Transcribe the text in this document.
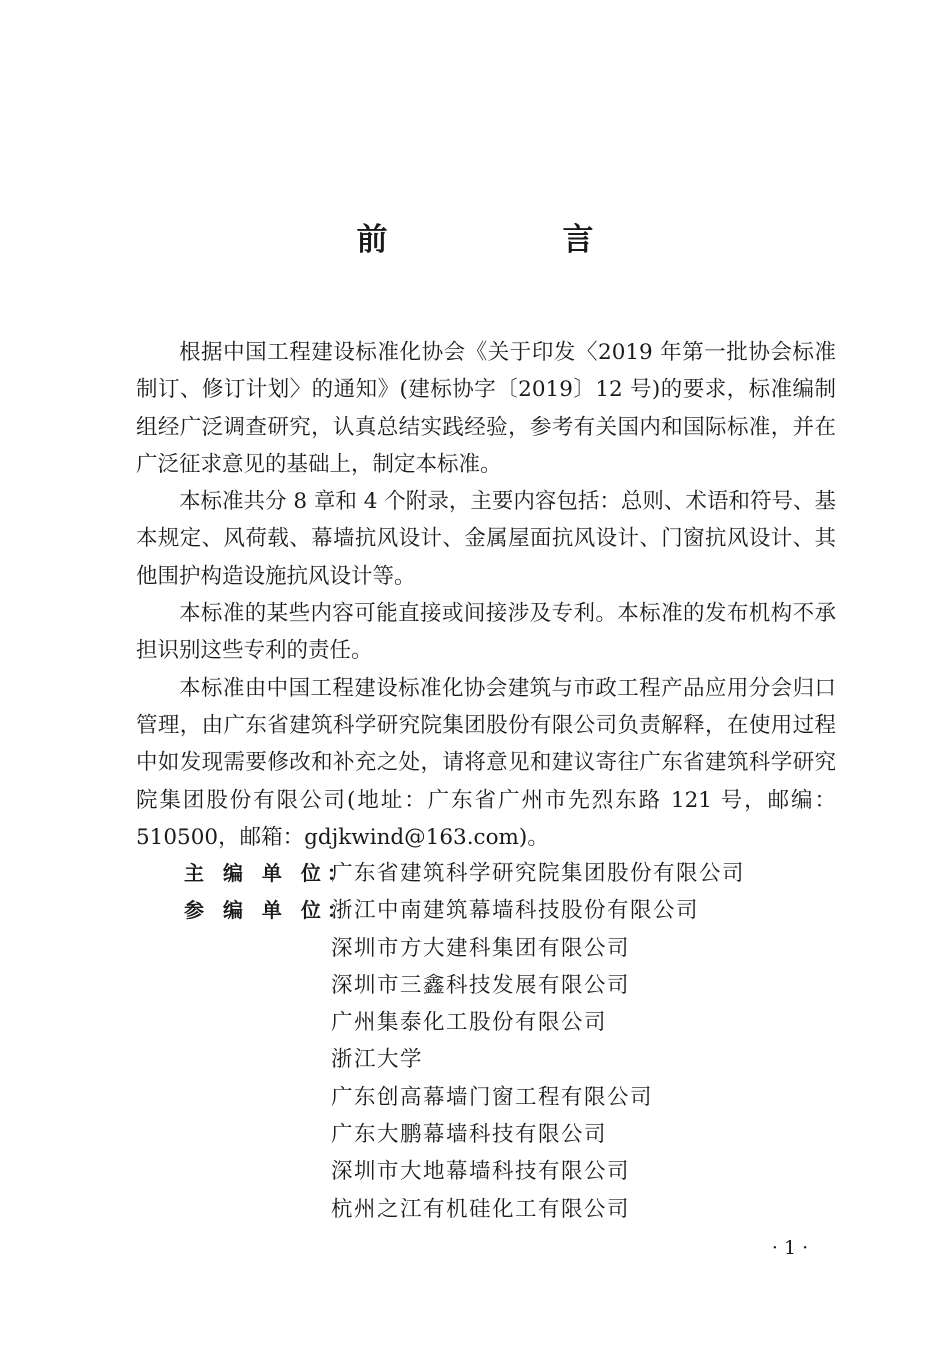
前　言

根据中国工程建设标准化协会《关于印发〈2019 年第一批协会标准制订、修订计划〉的通知》(建标协字〔2019〕12 号)的要求，标准编制组经广泛调查研究，认真总结实践经验，参考有关国内和国际标准，并在广泛征求意见的基础上，制定本标准。

本标准共分 8 章和 4 个附录，主要内容包括：总则、术语和符号、基本规定、风荷载、幕墙抗风设计、金属屋面抗风设计、门窗抗风设计、其他围护构造设施抗风设计等。

本标准的某些内容可能直接或间接涉及专利。本标准的发布机构不承担识别这些专利的责任。

本标准由中国工程建设标准化协会建筑与市政工程产品应用分会归口管理，由广东省建筑科学研究院集团股份有限公司负责解释，在使用过程中如发现需要修改和补充之处，请将意见和建议寄往广东省建筑科学研究院集团股份有限公司(地址：广东省广州市先烈东路 121 号，邮编：510500，邮箱：gdjkwind@163.com)。

主 编 单 位：
广东省建筑科学研究院集团股份有限公司
参 编 单 位：
浙江中南建筑幕墙科技股份有限公司
深圳市方大建科集团有限公司
深圳市三鑫科技发展有限公司
广州集泰化工股份有限公司
浙江大学
广东创高幕墙门窗工程有限公司
广东大鹏幕墙科技有限公司
深圳市大地幕墙科技有限公司
杭州之江有机硅化工有限公司
· 1 ·
